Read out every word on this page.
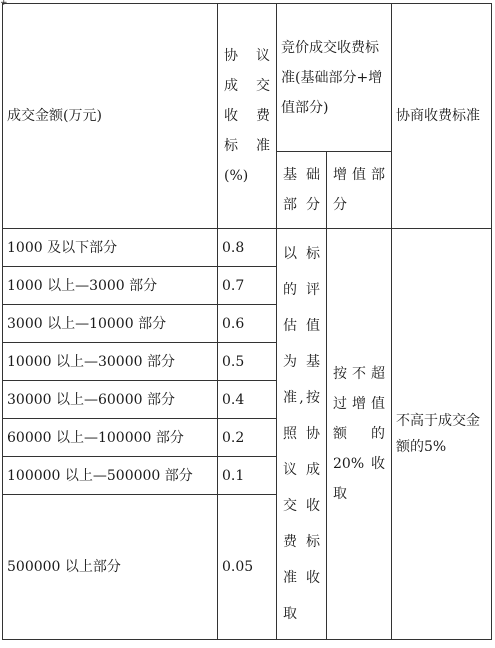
+
成交金额(万元)	协 议 成 交 收 费 标 准 (%)	竞价成交收费标准(基础部分+增值部分)		协商收费标准
		基 础 部分	增值部分	
1000 及以下部分	0.8	以标的评估值为基准,按照协议成交收费标准收取	按不超过增值额的20%收取	不高于成交金额的5%
1000 以上—3000 部分	0.7			
3000 以上—10000 部分	0.6			
10000 以上—30000 部分	0.5			
30000 以上—60000 部分	0.4			
60000 以上—100000 部分	0.2			
100000 以上—500000 部分	0.1			
500000 以上部分	0.05			
